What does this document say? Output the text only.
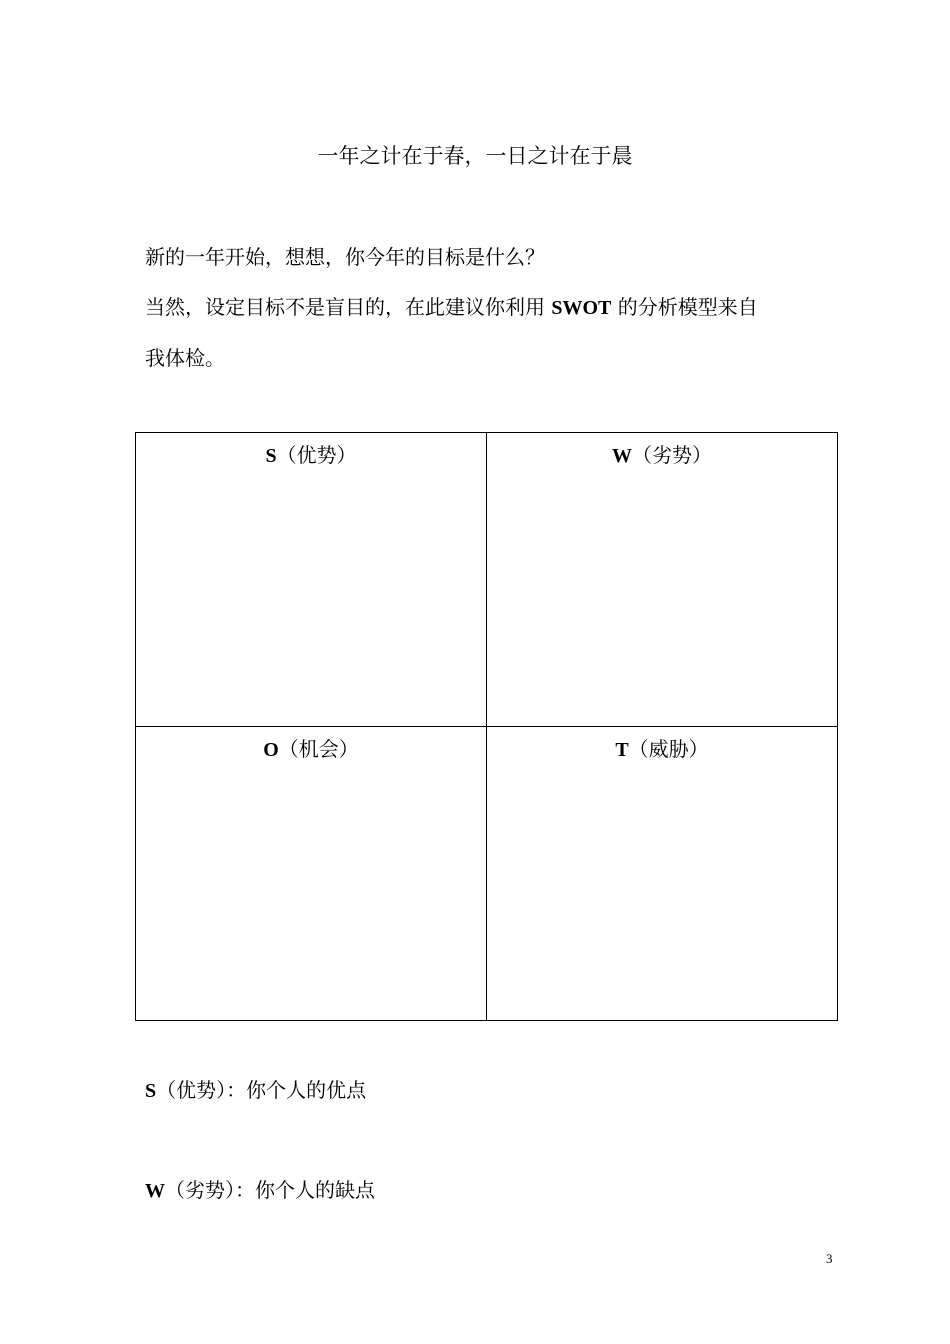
一年之计在于春，一日之计在于晨

新的一年开始，想想，你今年的目标是什么？

当然，设定目标不是盲目的，在此建议你利用 SWOT 的分析模型来自

我体检。

S（优势）	W（劣势）

O（机会）	T（威胁）
S（优势）：你个人的优点
W（劣势）：你个人的缺点
3
